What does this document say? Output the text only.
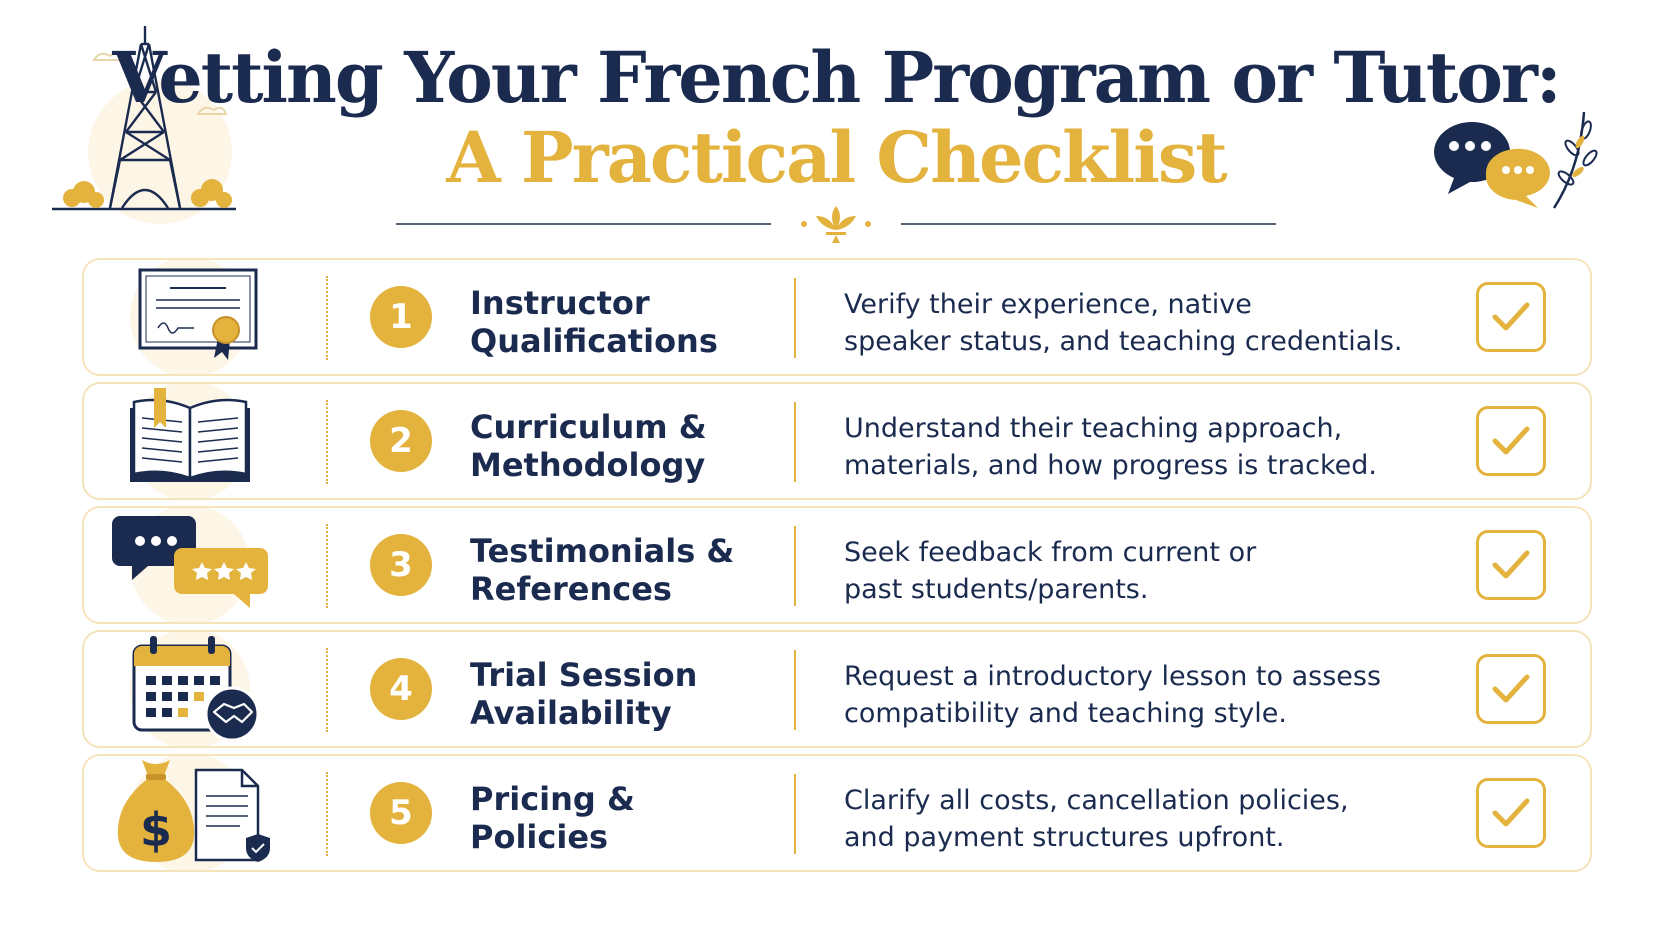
Vetting Your French Program or Tutor:
A Practical Checklist
1	Instructor
Qualifications
Verify their experience, native
speaker status, and teaching credentials.
2	Curriculum &
Methodology
Understand their teaching approach,
materials, and how progress is tracked.
3	Testimonials &
References
Seek feedback from current or
past students/parents.
4	Trial Session
Availability
Request a introductory lesson to assess
compatibility and teaching style.
$	5	Pricing &
Policies
Clarify all costs, cancellation policies,
and payment structures upfront.
